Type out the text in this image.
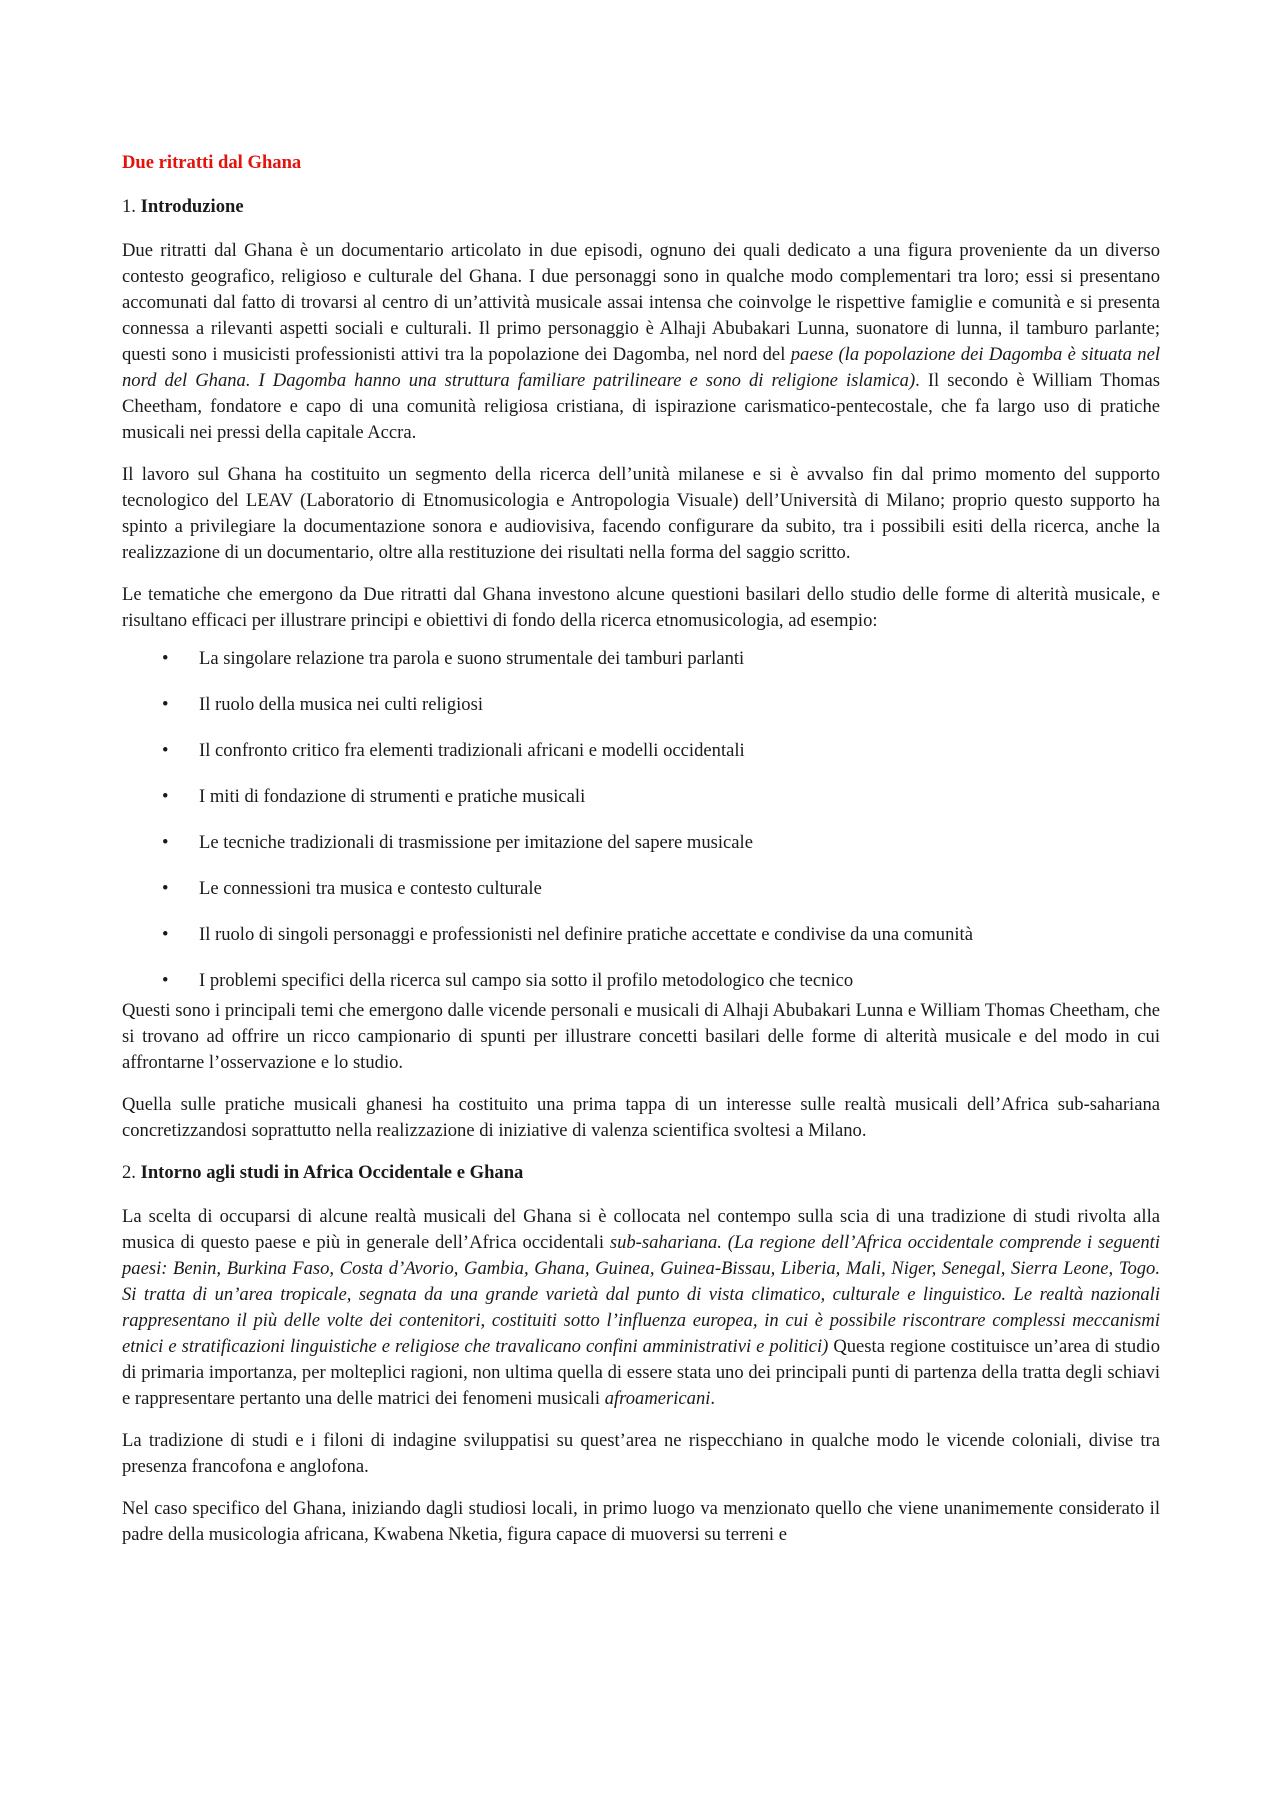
Due ritratti dal Ghana
1. Introduzione

Due ritratti dal Ghana è un documentario articolato in due episodi, ognuno dei quali dedicato a una figura proveniente da un diverso contesto geografico, religioso e culturale del Ghana. I due personaggi sono in qualche modo complementari tra loro; essi si presentano accomunati dal fatto di trovarsi al centro di un’attività musicale assai intensa che coinvolge le rispettive famiglie e comunità e si presenta connessa a rilevanti aspetti sociali e culturali. Il primo personaggio è Alhaji Abubakari Lunna, suonatore di lunna, il tamburo parlante; questi sono i musicisti professionisti attivi tra la popolazione dei Dagomba, nel nord del paese (la popolazione dei Dagomba è situata nel nord del Ghana. I Dagomba hanno una struttura familiare patrilineare e sono di religione islamica). Il secondo è William Thomas Cheetham, fondatore e capo di una comunità religiosa cristiana, di ispirazione carismatico-pentecostale, che fa largo uso di pratiche musicali nei pressi della capitale Accra.

Il lavoro sul Ghana ha costituito un segmento della ricerca dell’unità milanese e si è avvalso fin dal primo momento del supporto tecnologico del LEAV (Laboratorio di Etnomusicologia e Antropologia Visuale) dell’Università di Milano; proprio questo supporto ha spinto a privilegiare la documentazione sonora e audiovisiva, facendo configurare da subito, tra i possibili esiti della ricerca, anche la realizzazione di un documentario, oltre alla restituzione dei risultati nella forma del saggio scritto.

Le tematiche che emergono da Due ritratti dal Ghana investono alcune questioni basilari dello studio delle forme di alterità musicale, e risultano efficaci per illustrare principi e obiettivi di fondo della ricerca etnomusicologia, ad esempio:

• La singolare relazione tra parola e suono strumentale dei tamburi parlanti
• Il ruolo della musica nei culti religiosi
• Il confronto critico fra elementi tradizionali africani e modelli occidentali
• I miti di fondazione di strumenti e pratiche musicali
• Le tecniche tradizionali di trasmissione per imitazione del sapere musicale
• Le connessioni tra musica e contesto culturale
• Il ruolo di singoli personaggi e professionisti nel definire pratiche accettate e condivise da una comunità
• I problemi specifici della ricerca sul campo sia sotto il profilo metodologico che tecnico

Questi sono i principali temi che emergono dalle vicende personali e musicali di Alhaji Abubakari Lunna e William Thomas Cheetham, che si trovano ad offrire un ricco campionario di spunti per illustrare concetti basilari delle forme di alterità musicale e del modo in cui affrontarne l’osservazione e lo studio.

Quella sulle pratiche musicali ghanesi ha costituito una prima tappa di un interesse sulle realtà musicali dell’Africa sub-sahariana concretizzandosi soprattutto nella realizzazione di iniziative di valenza scientifica svoltesi a Milano.

2. Intorno agli studi in Africa Occidentale e Ghana

La scelta di occuparsi di alcune realtà musicali del Ghana si è collocata nel contempo sulla scia di una tradizione di studi rivolta alla musica di questo paese e più in generale dell’Africa occidentali sub-sahariana. (La regione dell’Africa occidentale comprende i seguenti paesi: Benin, Burkina Faso, Costa d’Avorio, Gambia, Ghana, Guinea, Guinea-Bissau, Liberia, Mali, Niger, Senegal, Sierra Leone, Togo. Si tratta di un’area tropicale, segnata da una grande varietà dal punto di vista climatico, culturale e linguistico. Le realtà nazionali rappresentano il più delle volte dei contenitori, costituiti sotto l’influenza europea, in cui è possibile riscontrare complessi meccanismi etnici e stratificazioni linguistiche e religiose che travalicano confini amministrativi e politici) Questa regione costituisce un’area di studio di primaria importanza, per molteplici ragioni, non ultima quella di essere stata uno dei principali punti di partenza della tratta degli schiavi e rappresentare pertanto una delle matrici dei fenomeni musicali afroamericani.

La tradizione di studi e i filoni di indagine sviluppatisi su quest’area ne rispecchiano in qualche modo le vicende coloniali, divise tra presenza francofona e anglofona.

Nel caso specifico del Ghana, iniziando dagli studiosi locali, in primo luogo va menzionato quello che viene unanimemente considerato il padre della musicologia africana, Kwabena Nketia, figura capace di muoversi su terreni e
